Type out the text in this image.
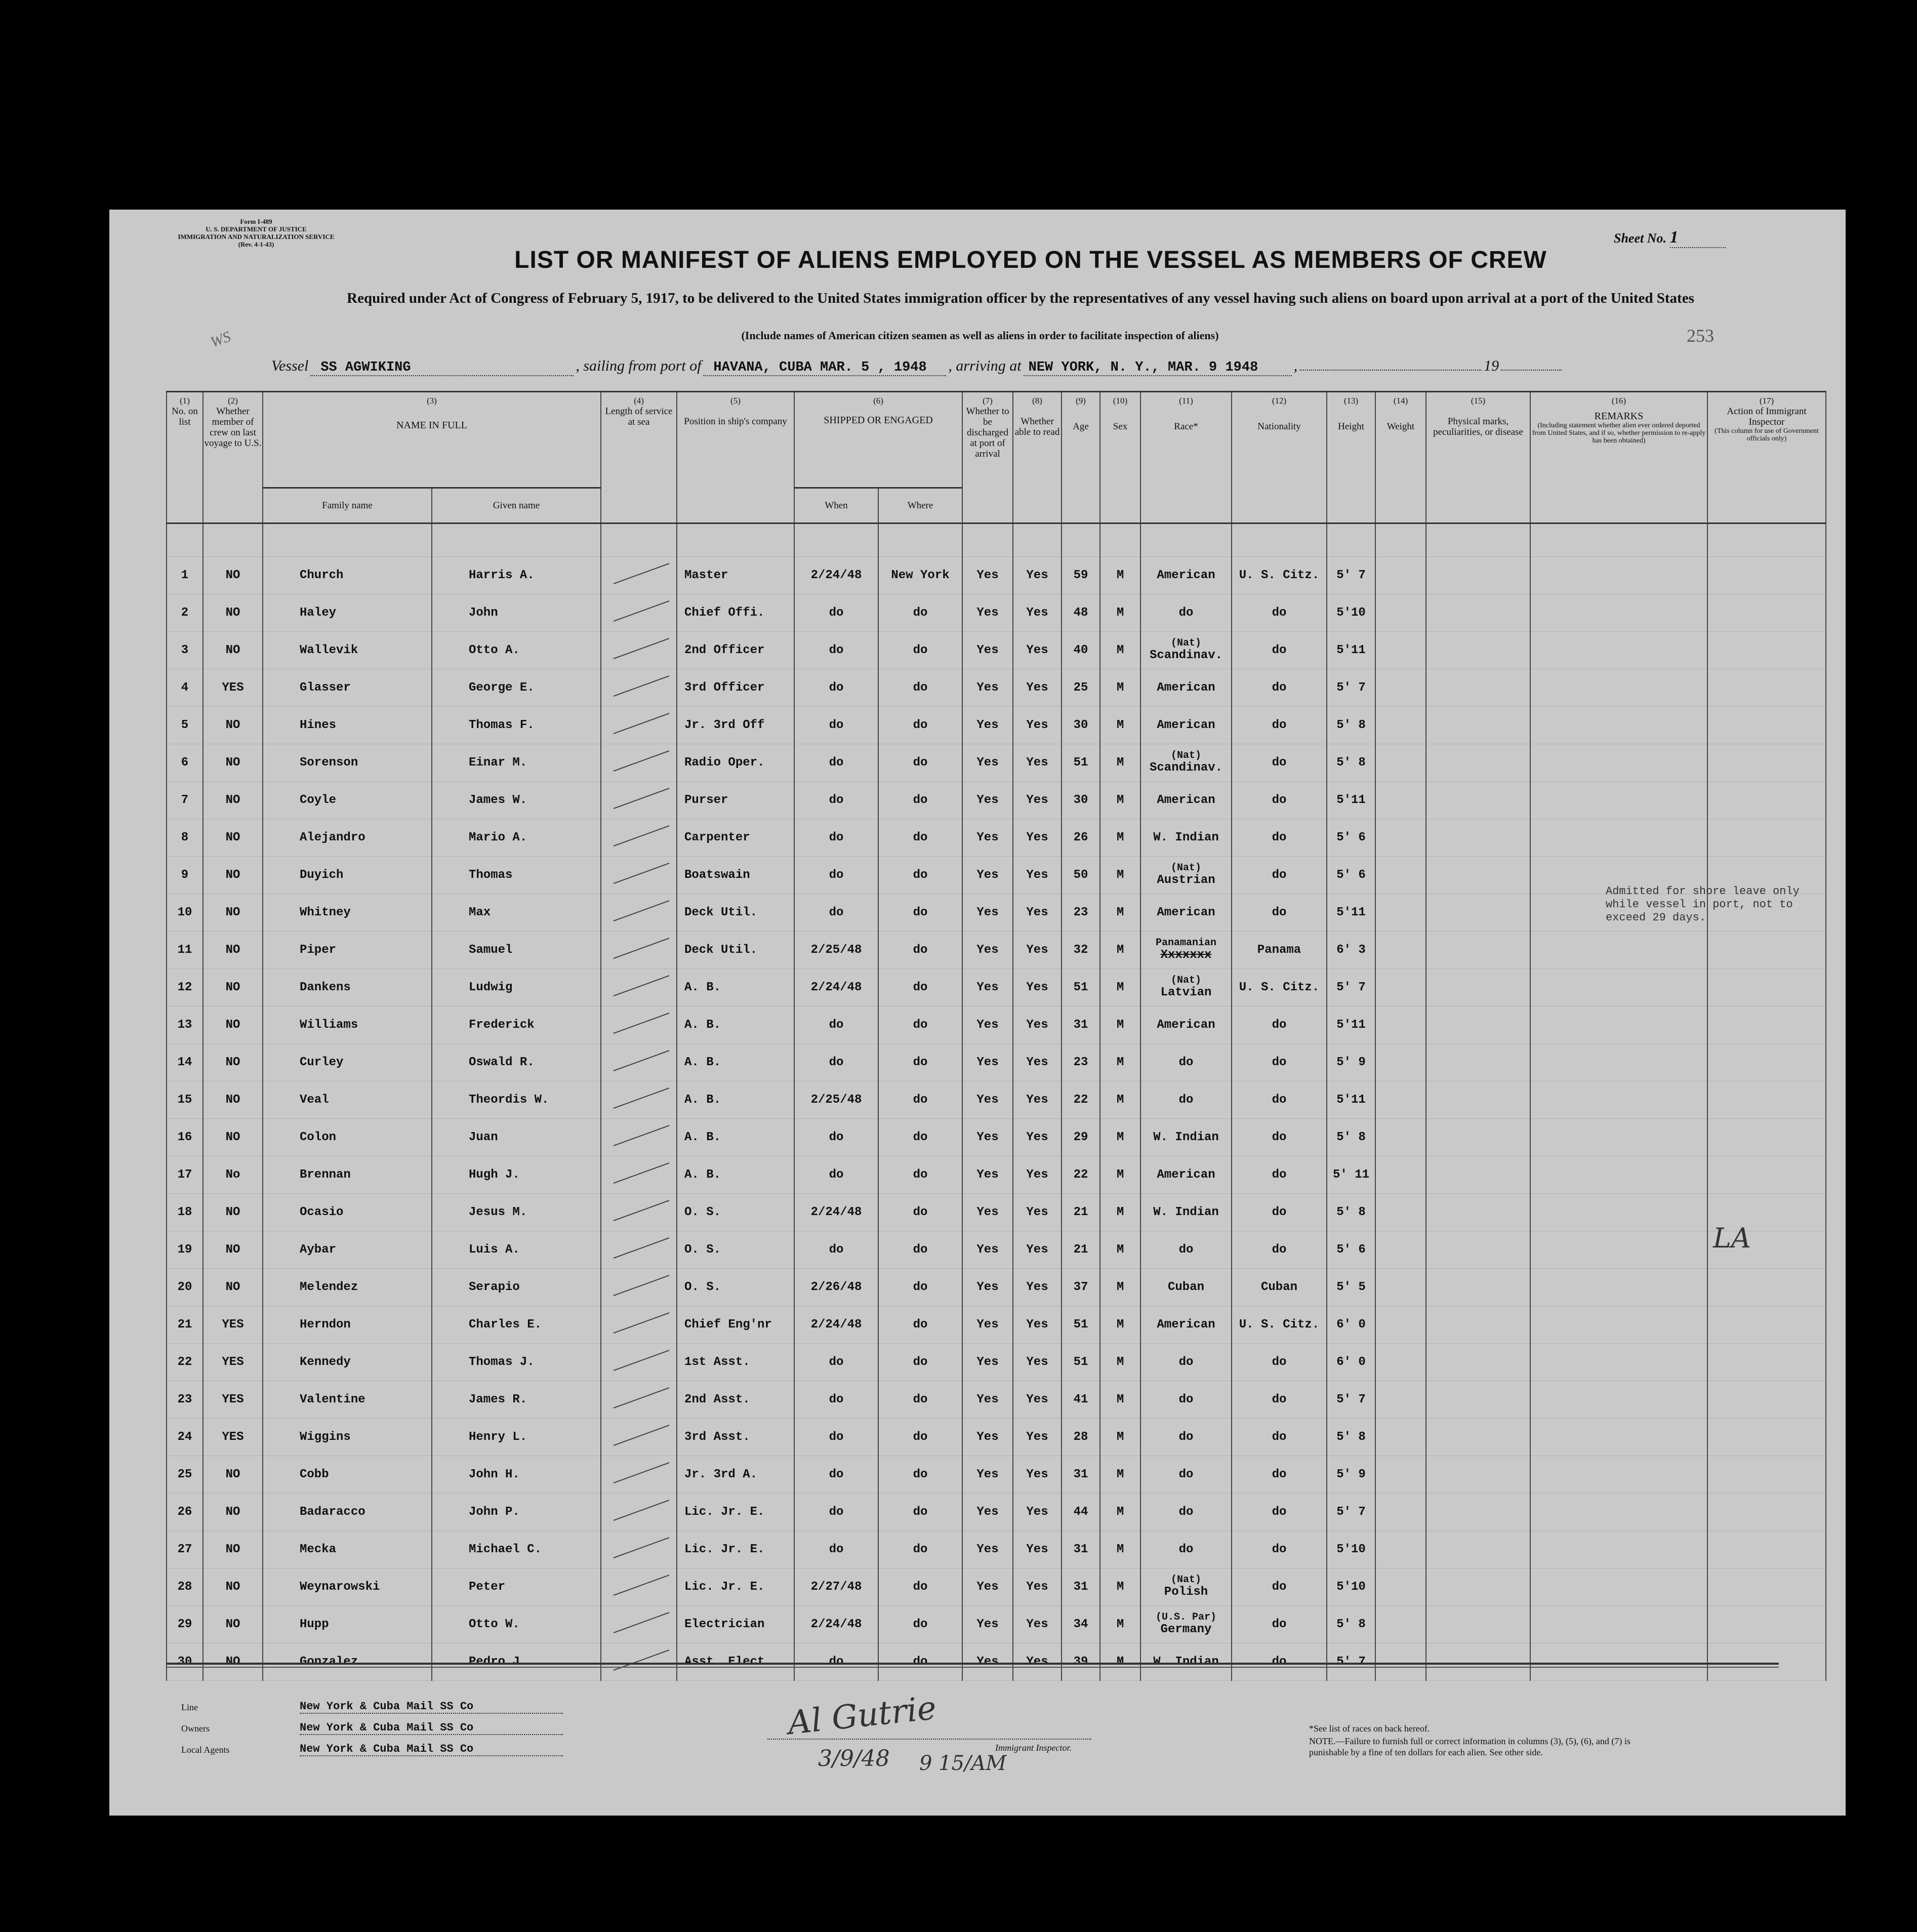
Form I-489
U. S. DEPARTMENT OF JUSTICE
IMMIGRATION AND NATURALIZATION SERVICE
(Rev. 4-1-43)	Sheet No. 1
LIST OR MANIFEST OF ALIENS EMPLOYED ON THE VESSEL AS MEMBERS OF CREW
Required under Act of Congress of February 5, 1917, to be delivered to the United States immigration officer by the representatives of any vessel having such aliens on board upon arrival at a port of the United States
(Include names of American citizen seamen as well as aliens in order to facilitate inspection of aliens)	253
WS
Vessel SS AGWIKING	, sailing from port of HAVANA, CUBA MAR. 5 , 1948 , arriving at NEW YORK, N. Y., MAR. 9 1948 ,	19
(1)
No. on list	(2)
Whether member of crew on last voyage to U.S.	(3)
NAME IN FULL		(4)
Length of service at sea	(5)
Position in ship's company	(6)
SHIPPED OR ENGAGED		(7)
Whether to be discharged at port of arrival	(8)
Whether able to read	(9)
Age	(10)
Sex	(11)
Race*	(12)
Nationality	(13)
Height	(14)
Weight	(15)
Physical marks, peculiarities, or disease	(16)
REMARKS
(Including statement whether alien ever ordered deported from United States, and if so, whether permission to re-apply has been obtained)	(17)
Action of Immigrant Inspector
(This column for use of Government officials only)	

		Family name	Given name			When	Where												

1	NO	Church	Harris A.		Master	2/24/48	New York	Yes	Yes	59	M	American	U. S. Citz.	5' 7					
2	NO	Haley	John		Chief Offi.	do	do	Yes	Yes	48	M	do	do	5'10					
3	NO	Wallevik	Otto A.		2nd Officer	do	do	Yes	Yes	40	M	(Nat)
Scandinav.	do	5'11					
4	YES	Glasser	George E.		3rd Officer	do	do	Yes	Yes	25	M	American	do	5' 7					
5	NO	Hines	Thomas F.		Jr. 3rd Off	do	do	Yes	Yes	30	M	American	do	5' 8					
6	NO	Sorenson	Einar M.		Radio Oper.	do	do	Yes	Yes	51	M	(Nat)
Scandinav.	do	5' 8					
7	NO	Coyle	James W.		Purser	do	do	Yes	Yes	30	M	American	do	5'11					
8	NO	Alejandro	Mario A.		Carpenter	do	do	Yes	Yes	26	M	W. Indian	do	5' 6					
9	NO	Duyich	Thomas		Boatswain	do	do	Yes	Yes	50	M	(Nat)
Austrian	do	5' 6					
10	NO	Whitney	Max		Deck Util.	do	do	Yes	Yes	23	M	American	do	5'11					
11	NO	Piper	Samuel		Deck Util.	2/25/48	do	Yes	Yes	32	M	Panamanian
Xxxxxxx	Panama	6' 3					
12	NO	Dankens	Ludwig		A. B.	2/24/48	do	Yes	Yes	51	M	(Nat)
Latvian	U. S. Citz.	5' 7					
13	NO	Williams	Frederick		A. B.	do	do	Yes	Yes	31	M	American	do	5'11					
14	NO	Curley	Oswald R.		A. B.	do	do	Yes	Yes	23	M	do	do	5' 9					
15	NO	Veal	Theordis W.		A. B.	2/25/48	do	Yes	Yes	22	M	do	do	5'11					
16	NO	Colon	Juan		A. B.	do	do	Yes	Yes	29	M	W. Indian	do	5' 8					
17	No	Brennan	Hugh J.		A. B.	do	do	Yes	Yes	22	M	American	do	5' 11					
18	NO	Ocasio	Jesus M.		O. S.	2/24/48	do	Yes	Yes	21	M	W. Indian	do	5' 8					
19	NO	Aybar	Luis A.		O. S.	do	do	Yes	Yes	21	M	do	do	5' 6					
20	NO	Melendez	Serapio		O. S.	2/26/48	do	Yes	Yes	37	M	Cuban	Cuban	5' 5					
21	YES	Herndon	Charles E.		Chief Eng'nr	2/24/48	do	Yes	Yes	51	M	American	U. S. Citz.	6' 0					
22	YES	Kennedy	Thomas J.		1st Asst.	do	do	Yes	Yes	51	M	do	do	6' 0					
23	YES	Valentine	James R.		2nd Asst.	do	do	Yes	Yes	41	M	do	do	5' 7					
24	YES	Wiggins	Henry L.		3rd Asst.	do	do	Yes	Yes	28	M	do	do	5' 8					
25	NO	Cobb	John H.		Jr. 3rd A.	do	do	Yes	Yes	31	M	do	do	5' 9					
26	NO	Badaracco	John P.		Lic. Jr. E.	do	do	Yes	Yes	44	M	do	do	5' 7					
27	NO	Mecka	Michael C.		Lic. Jr. E.	do	do	Yes	Yes	31	M	do	do	5'10					
28	NO	Weynarowski	Peter		Lic. Jr. E.	2/27/48	do	Yes	Yes	31	M	(Nat)
Polish	do	5'10					
29	NO	Hupp	Otto W.		Electrician	2/24/48	do	Yes	Yes	34	M	(U.S. Par)
Germany	do	5' 8					
30	NO	Gonzalez	Pedro J.		Asst. Elect	do	do	Yes	Yes	39	M	W. Indian	do	5' 7					
Admitted for shore leave only
while vessel in port, not to
exceed 29 days.
LA
Line	New York & Cuba Mail SS Co
Owners	New York & Cuba Mail SS Co
Local Agents	New York & Cuba Mail SS Co
Al Gutrie
Immigrant Inspector.
3/9/48 9 15/AM
*See list of races on back hereof.
NOTE.—Failure to furnish full or correct information in columns (3), (5), (6), and (7) is punishable by a fine of ten dollars for each alien. See other side.
